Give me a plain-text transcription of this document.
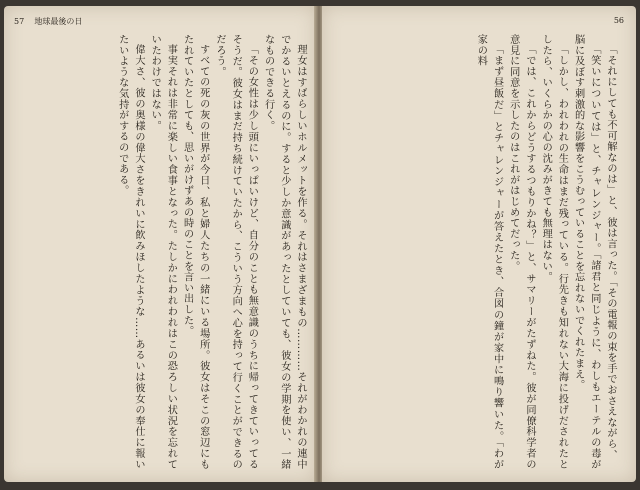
57 地球最後の日

理女はすばらしいホルメットを作る。それはさまざまもの…………それがわかれの連中でかるいとえるのに。すると少しか意識があったとしていても、彼女の学期を使い、一緒なものできる行く。

「その女性は少し頭にいっぱいけど、自分のことも無意識のうちに帰ってきていってるそうだ。彼女はまだ持ち続けていたから、こういう方向へ心を持って行くことができるのだろう。

すべての死の灰の世界が今日、私と婦人たちの一緒にいる場所。彼女はそこの窓辺にもたれていたとしても、思いがけずあの時のことを言い出した。

事実それは非常に楽しい食事となった。たしかにわれわれはこの恐ろしい状況を忘れていたわけではない。

偉大さ、彼の奥様の偉大さをきれいに飲みほしたような……あるいは彼女の奉仕に報いたいような気持がするのである。

56

「それにしても不可解なのは」と、彼は言った。「その電報の束を手でおさえながら、

「笑いについては」と、チャレンジャー。「諸君と同じように、わしもエーテルの毒が脳に及ぼす刺激的な影響をこうむっていることを忘れないでくれたまえ。

「しかし、われわれの生命はまだ残っている。行先きも知れない大海に投げだされたとしたら、いくらかの心の沈みがきても無理はない。

「では、これからどうするつもりかね？」と、サマリーがたずねた。彼が同僚科学者の意見に同意を示したのはこれがはじめてだった。

「まず昼飯だ」とチャレンジャーが答えたとき、合図の鐘が家中に鳴り響いた。「わが家の料
